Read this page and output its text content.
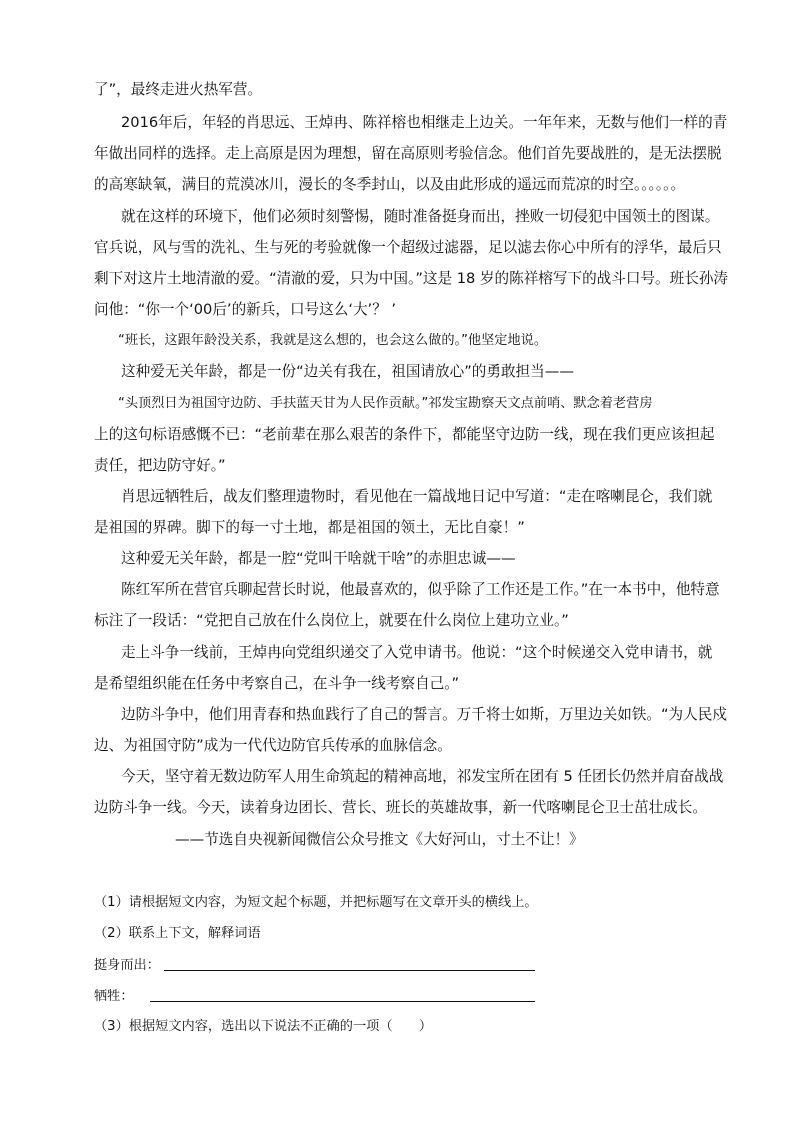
了”，最终走进火热军营。
2016年后，年轻的肖思远、王焯冉、陈祥榕也相继走上边关。一年年来，无数与他们一样的青
年做出同样的选择。走上高原是因为理想，留在高原则考验信念。他们首先要战胜的，是无法摆脱
的高寒缺氧，满目的荒漠冰川，漫长的冬季封山，以及由此形成的遥远而荒凉的时空。。。。。。
就在这样的环境下，他们必须时刻警惕，随时准备挺身而出，挫败一切侵犯中国领土的图谋。
官兵说，风与雪的洗礼、生与死的考验就像一个超级过滤器，足以滤去你心中所有的浮华，最后只
剩下对这片土地清澈的爱。“清澈的爱，只为中国。”这是 18 岁的陈祥榕写下的战斗口号。班长孙涛
问他：“你一个‘00后’的新兵，口号这么‘大’？ ’
“班长，这跟年龄没关系，我就是这么想的，也会这么做的。”他坚定地说。
这种爱无关年龄，都是一份“边关有我在，祖国请放心”的勇敢担当——
“头顶烈日为祖国守边防、手扶蓝天甘为人民作贡献。”祁发宝勘察天文点前哨、默念着老营房
上的这句标语感慨不已：“老前辈在那么艰苦的条件下，都能坚守边防一线，现在我们更应该担起
责任，把边防守好。”
肖思远牺牲后，战友们整理遗物时，看见他在一篇战地日记中写道：“走在喀喇昆仑，我们就
是祖国的界碑。脚下的每一寸土地，都是祖国的领土，无比自豪！”
这种爱无关年龄，都是一腔“党叫干啥就干啥”的赤胆忠诚——
陈红军所在营官兵聊起营长时说，他最喜欢的，似乎除了工作还是工作。”在一本书中，他特意
标注了一段话：“党把自己放在什么岗位上，就要在什么岗位上建功立业。”
走上斗争一线前，王焯冉向党组织递交了入党申请书。他说：“这个时候递交入党申请书，就
是希望组织能在任务中考察自己，在斗争一线考察自己。”
边防斗争中，他们用青春和热血践行了自己的誓言。万千将士如斯，万里边关如铁。“为人民戍
边、为祖国守防”成为一代代边防官兵传承的血脉信念。
今天，坚守着无数边防军人用生命筑起的精神高地，祁发宝所在团有 5 任团长仍然并肩奋战战
边防斗争一线。今天，读着身边团长、营长、班长的英雄故事，新一代喀喇昆仑卫士茁壮成长。
——节选自央视新闻微信公众号推文《大好河山，寸土不让！》
（1）请根据短文内容，为短文起个标题，并把标题写在文章开头的横线上。
（2）联系上下文，解释词语
挺身而出：
牺牲：
（3）根据短文内容，选出以下说法不正确的一项（　　）
